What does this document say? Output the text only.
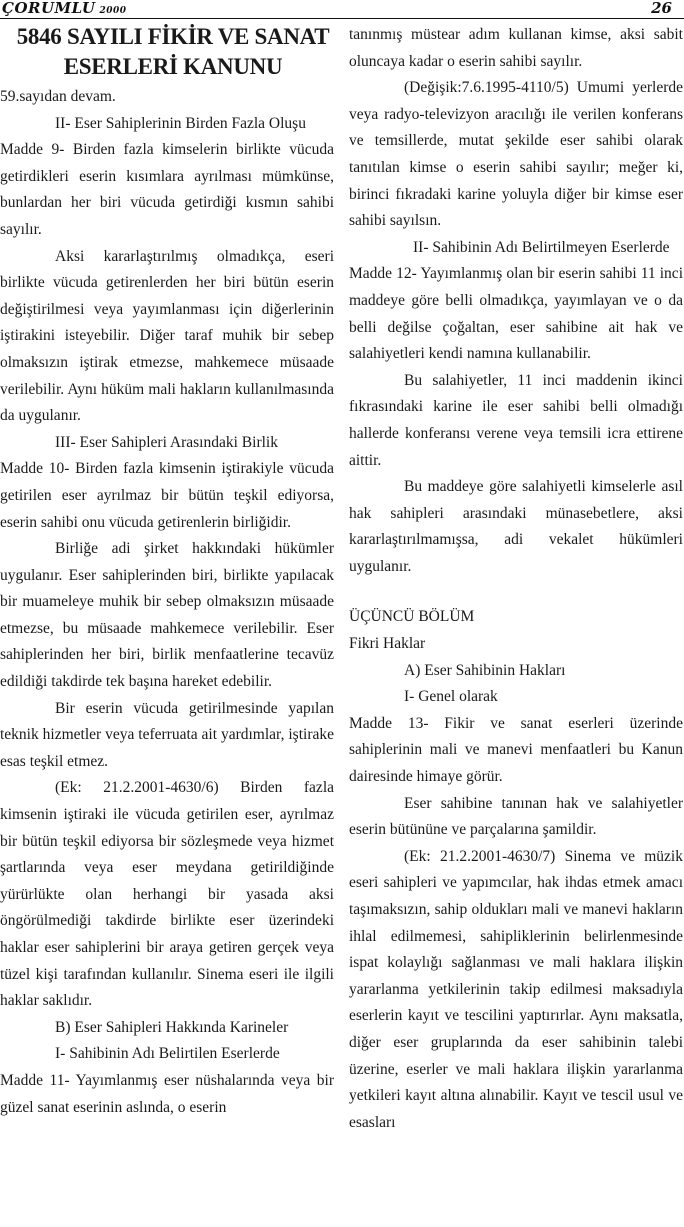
ÇORUMLU 2000	26
5846 SAYILI FİKİR VE SANAT
ESERLERİ KANUNU

59.sayıdan devam.

II- Eser Sahiplerinin Birden Fazla Oluşu

Madde 9- Birden fazla kimselerin birlikte vücuda getirdikleri eserin kısımlara ayrılması mümkünse, bunlardan her biri vücuda getirdiği kısmın sahibi sayılır.

Aksi kararlaştırılmış olmadıkça, eseri birlikte vücuda getirenlerden her biri bütün eserin değiştirilmesi veya yayımlanması için diğerlerinin iştirakini isteyebilir. Diğer taraf muhik bir sebep olmaksızın iştirak etmezse, mahkemece müsaade verilebilir. Aynı hüküm mali hakların kullanılmasında da uygulanır.

III- Eser Sahipleri Arasındaki Birlik

Madde 10- Birden fazla kimsenin iştirakiyle vücuda getirilen eser ayrılmaz bir bütün teşkil ediyorsa, eserin sahibi onu vücuda getirenlerin birliğidir.

Birliğe adi şirket hakkındaki hükümler uygulanır. Eser sahiplerinden biri, birlikte yapılacak bir muameleye muhik bir sebep olmaksızın müsaade etmezse, bu müsaade mahkemece verilebilir. Eser sahiplerinden her biri, birlik menfaatlerine tecavüz edildiği takdirde tek başına hareket edebilir.

Bir eserin vücuda getirilmesinde yapılan teknik hizmetler veya teferruata ait yardımlar, iştirake esas teşkil etmez.

(Ek: 21.2.2001-4630/6) Birden fazla kimsenin iştiraki ile vücuda getirilen eser, ayrılmaz bir bütün teşkil ediyorsa bir sözleşmede veya hizmet şartlarında veya eser meydana getirildiğinde yürürlükte olan herhangi bir yasada aksi öngörülmediği takdirde birlikte eser üzerindeki haklar eser sahiplerini bir araya getiren gerçek veya tüzel kişi tarafından kullanılır. Sinema eseri ile ilgili haklar saklıdır.

B) Eser Sahipleri Hakkında Karineler

I- Sahibinin Adı Belirtilen Eserlerde

Madde 11- Yayımlanmış eser nüshalarında veya bir güzel sanat eserinin aslında, o eserin

tanınmış müstear adım kullanan kimse, aksi sabit oluncaya kadar o eserin sahibi sayılır.

(Değişik:7.6.1995-4110/5) Umumi yerlerde veya radyo-televizyon aracılığı ile verilen konferans ve temsillerde, mutat şekilde eser sahibi olarak tanıtılan kimse o eserin sahibi sayılır; meğer ki, birinci fıkradaki karine yoluyla diğer bir kimse eser sahibi sayılsın.

II- Sahibinin Adı Belirtilmeyen Eserlerde

Madde 12- Yayımlanmış olan bir eserin sahibi 11 inci maddeye göre belli olmadıkça, yayımlayan ve o da belli değilse çoğaltan, eser sahibine ait hak ve salahiyetleri kendi namına kullanabilir.

Bu salahiyetler, 11 inci maddenin ikinci fıkrasındaki karine ile eser sahibi belli olmadığı hallerde konferansı verene veya temsili icra ettirene aittir.

Bu maddeye göre salahiyetli kimselerle asıl hak sahipleri arasındaki münasebetlere, aksi kararlaştırılmamışsa, adi vekalet hükümleri uygulanır.

ÜÇÜNCÜ BÖLÜM

Fikri Haklar

A) Eser Sahibinin Hakları

I- Genel olarak

Madde 13- Fikir ve sanat eserleri üzerinde sahiplerinin mali ve manevi menfaatleri bu Kanun dairesinde himaye görür.

Eser sahibine tanınan hak ve salahiyetler eserin bütününe ve parçalarına şamildir.

(Ek: 21.2.2001-4630/7) Sinema ve müzik eseri sahipleri ve yapımcılar, hak ihdas etmek amacı taşımaksızın, sahip oldukları mali ve manevi hakların ihlal edilmemesi, sahipliklerinin belirlenmesinde ispat kolaylığı sağlanması ve mali haklara ilişkin yararlanma yetkilerinin takip edilmesi maksadıyla eserlerin kayıt ve tescilini yaptırırlar. Aynı maksatla, diğer eser gruplarında da eser sahibinin talebi üzerine, eserler ve mali haklara ilişkin yararlanma yetkileri kayıt altına alınabilir. Kayıt ve tescil usul ve esasları
